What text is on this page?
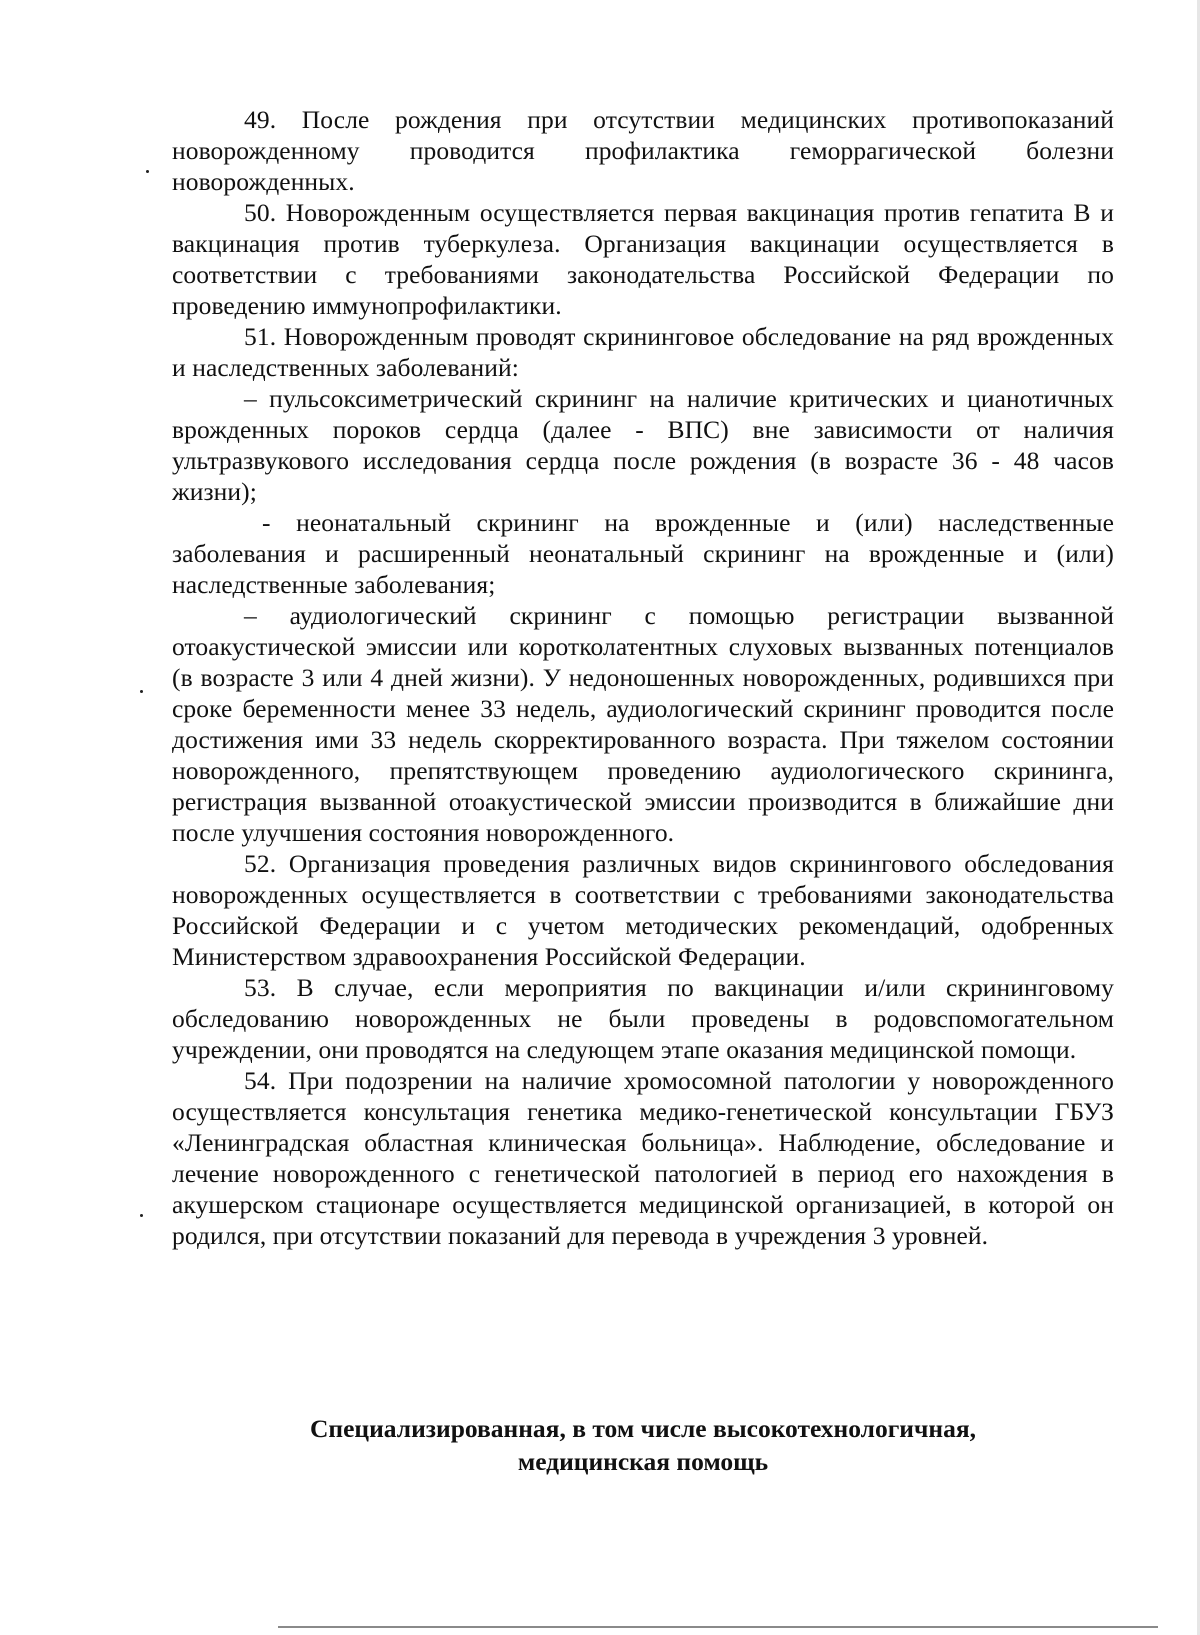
49. После рождения при отсутствии медицинских противопоказаний новорожденному проводится профилактика геморрагической болезни новорожденных.

50. Новорожденным осуществляется первая вакцинация против гепатита В и вакцинация против туберкулеза. Организация вакцинации осуществляется в соответствии с требованиями законодательства Российской Федерации по проведению иммунопрофилактики.

51. Новорожденным проводят скрининговое обследование на ряд врожденных и наследственных заболеваний:

– пульсоксиметрический скрининг на наличие критических и цианотичных врожденных пороков сердца (далее - ВПС) вне зависимости от наличия ультразвукового исследования сердца после рождения (в возрасте 36 - 48 часов жизни);

- неонатальный скрининг на врожденные и (или) наследственные заболевания и расширенный неонатальный скрининг на врожденные и (или) наследственные заболевания;

– аудиологический скрининг с помощью регистрации вызванной отоакустической эмиссии или коротколатентных слуховых вызванных потенциалов (в возрасте 3 или 4 дней жизни). У недоношенных новорожденных, родившихся при сроке беременности менее 33 недель, аудиологический скрининг проводится после достижения ими 33 недель скорректированного возраста. При тяжелом состоянии новорожденного, препятствующем проведению аудиологического скрининга, регистрация вызванной отоакустической эмиссии производится в ближайшие дни после улучшения состояния новорожденного.

52. Организация проведения различных видов скринингового обследования новорожденных осуществляется в соответствии с требованиями законодательства Российской Федерации и с учетом методических рекомендаций, одобренных Министерством здравоохранения Российской Федерации.

53. В случае, если мероприятия по вакцинации и/или скрининговому обследованию новорожденных не были проведены в родовспомогательном учреждении, они проводятся на следующем этапе оказания медицинской помощи.

54. При подозрении на наличие хромосомной патологии у новорожденного осуществляется консультация генетика медико-генетической консультации ГБУЗ «Ленинградская областная клиническая больница». Наблюдение, обследование и лечение новорожденного с генетической патологией в период его нахождения в акушерском стационаре осуществляется медицинской организацией, в которой он родился, при отсутствии показаний для перевода в учреждения 3 уровней.

Специализированная, в том числе высокотехнологичная,
медицинская помощь
